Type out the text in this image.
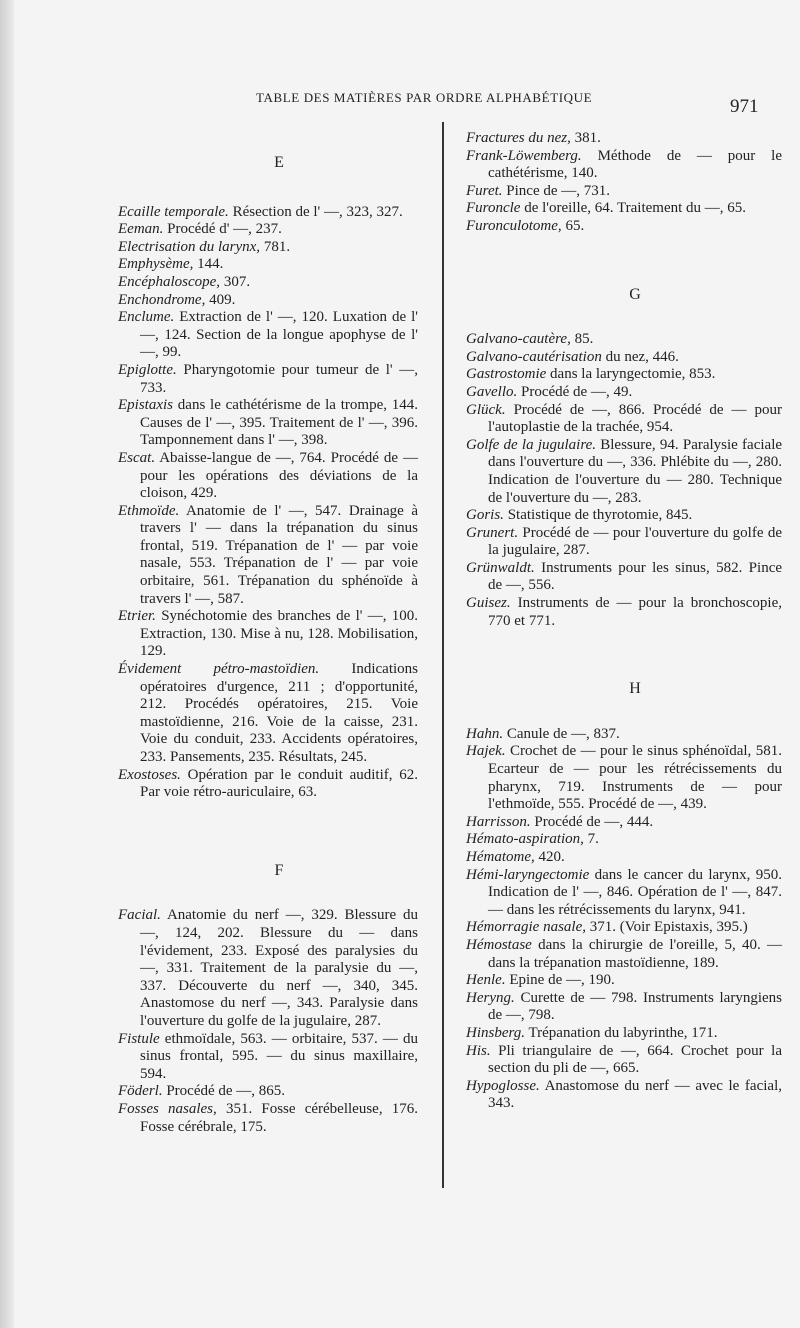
TABLE DES MATIÈRES PAR ORDRE ALPHABÉTIQUE	971
E

Ecaille temporale. Résection de l' —, 323, 327.

Eeman. Procédé d' —, 237.

Electrisation du larynx, 781.

Emphysème, 144.

Encéphaloscope, 307.

Enchondrome, 409.

Enclume. Extraction de l' —, 120. Luxation de l' —, 124. Section de la longue apophyse de l' —, 99.

Epiglotte. Pharyngotomie pour tumeur de l' —, 733.

Epistaxis dans le cathétérisme de la trompe, 144. Causes de l' —, 395. Traitement de l' —, 396. Tamponnement dans l' —, 398.

Escat. Abaisse-langue de —, 764. Procédé de — pour les opérations des déviations de la cloison, 429.

Ethmoïde. Anatomie de l' —, 547. Drainage à travers l' — dans la trépanation du sinus frontal, 519. Trépanation de l' — par voie nasale, 553. Trépanation de l' — par voie orbitaire, 561. Trépanation du sphénoïde à travers l' —, 587.

Etrier. Synéchotomie des branches de l' —, 100. Extraction, 130. Mise à nu, 128. Mobilisation, 129.

Évidement pétro-mastoïdien. Indications opératoires d'urgence, 211 ; d'opportunité, 212. Procédés opératoires, 215. Voie mastoïdienne, 216. Voie de la caisse, 231. Voie du conduit, 233. Accidents opératoires, 233. Pansements, 235. Résultats, 245.

Exostoses. Opération par le conduit auditif, 62. Par voie rétro-auriculaire, 63.

F

Facial. Anatomie du nerf —, 329. Blessure du —, 124, 202. Blessure du — dans l'évidement, 233. Exposé des paralysies du —, 331. Traitement de la paralysie du —, 337. Découverte du nerf —, 340, 345. Anastomose du nerf —, 343. Paralysie dans l'ouverture du golfe de la jugulaire, 287.

Fistule ethmoïdale, 563. — orbitaire, 537. — du sinus frontal, 595. — du sinus maxillaire, 594.

Föderl. Procédé de —, 865.

Fosses nasales, 351. Fosse cérébelleuse, 176. Fosse cérébrale, 175.

Fractures du nez, 381.

Frank-Löwemberg. Méthode de — pour le cathétérisme, 140.

Furet. Pince de —, 731.

Furoncle de l'oreille, 64. Traitement du —, 65.

Furonculotome, 65.

G

Galvano-cautère, 85.

Galvano-cautérisation du nez, 446.

Gastrostomie dans la laryngectomie, 853.

Gavello. Procédé de —, 49.

Glück. Procédé de —, 866. Procédé de — pour l'autoplastie de la trachée, 954.

Golfe de la jugulaire. Blessure, 94. Paralysie faciale dans l'ouverture du —, 336. Phlébite du —, 280. Indication de l'ouverture du — 280. Technique de l'ouverture du —, 283.

Goris. Statistique de thyrotomie, 845.

Grunert. Procédé de — pour l'ouverture du golfe de la jugulaire, 287.

Grünwaldt. Instruments pour les sinus, 582. Pince de —, 556.

Guisez. Instruments de — pour la bronchoscopie, 770 et 771.

H

Hahn. Canule de —, 837.

Hajek. Crochet de — pour le sinus sphénoïdal, 581. Ecarteur de — pour les rétrécissements du pharynx, 719. Instruments de — pour l'ethmoïde, 555. Procédé de —, 439.

Harrisson. Procédé de —, 444.

Hémato-aspiration, 7.

Hématome, 420.

Hémi-laryngectomie dans le cancer du larynx, 950. Indication de l' —, 846. Opération de l' —, 847. — dans les rétrécissements du larynx, 941.

Hémorragie nasale, 371. (Voir Epistaxis, 395.)

Hémostase dans la chirurgie de l'oreille, 5, 40. — dans la trépanation mastoïdienne, 189.

Henle. Epine de —, 190.

Heryng. Curette de — 798. Instruments laryngiens de —, 798.

Hinsberg. Trépanation du labyrinthe, 171.

His. Pli triangulaire de —, 664. Crochet pour la section du pli de —, 665.

Hypoglosse. Anastomose du nerf — avec le facial, 343.
